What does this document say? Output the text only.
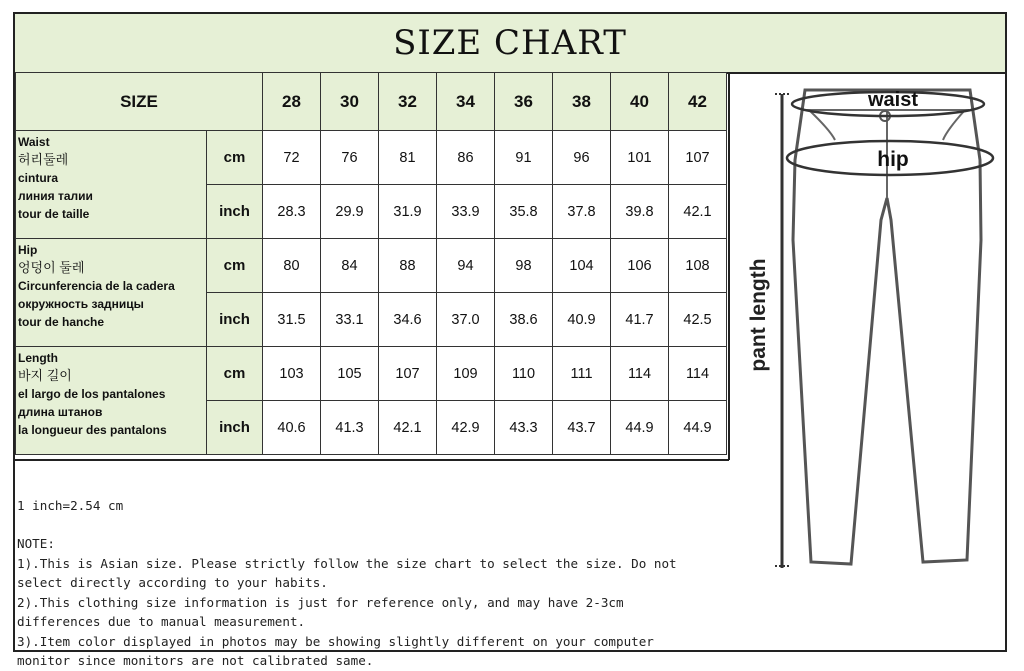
SIZE CHART
SIZE		28	30	32	34	36	38	40	42

Waist
허리둘레
cintura
линия талии
tour de taille	cm	72	76	81	86	91	96	101	107
	inch	28.3	29.9	31.9	33.9	35.8	37.8	39.8	42.1

Hip
엉덩이 둘레
Circunferencia de la cadera
окружность задницы
tour de hanche	cm	80	84	88	94	98	104	106	108
	inch	31.5	33.1	34.6	37.0	38.6	40.9	41.7	42.5

Length
바지 길이
el largo de los pantalones
длина штанов
la longueur des pantalons	cm	103	105	107	109	110	111	114	114
	inch	40.6	41.3	42.1	42.9	43.3	43.7	44.9	44.9

1 inch=2.54 cm
NOTE:
1).This is Asian size. Please strictly follow the size chart to select the size. Do not
select directly according to your habits.
2).This clothing size information is just for reference only, and may have 2-3cm
differences due to manual measurement.
3).Item color displayed in photos may be showing slightly different on your computer
monitor since monitors are not calibrated same.
pant length
waist
hip
